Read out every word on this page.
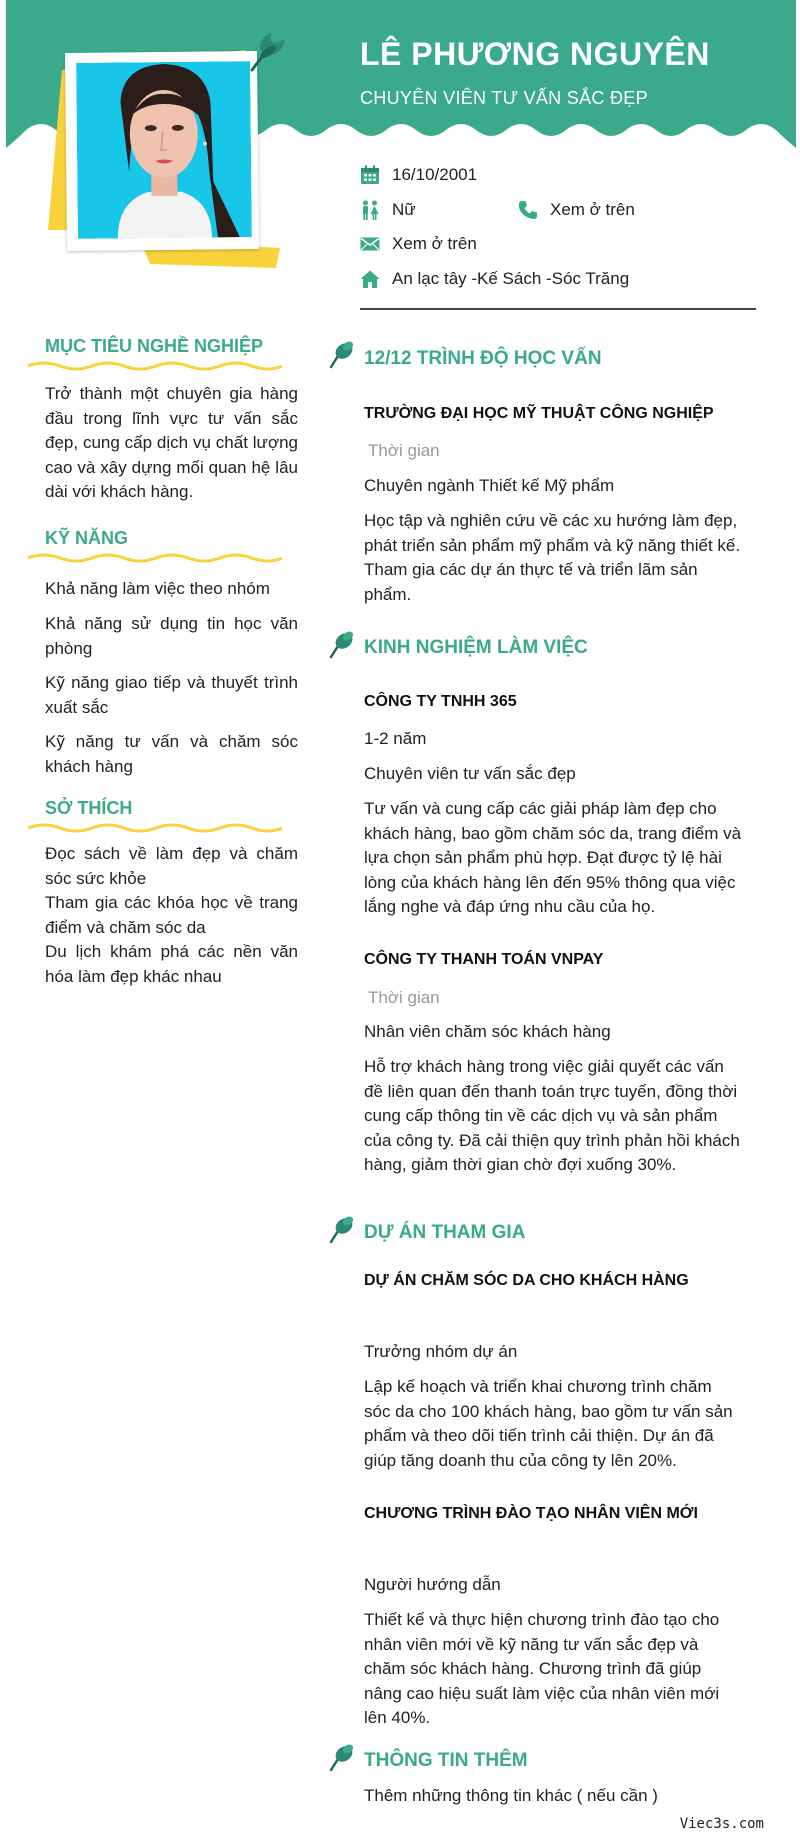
LÊ PHƯƠNG NGUYÊN
CHUYÊN VIÊN TƯ VẤN SẮC ĐẸP
16/10/2001
Nữ	Xem ở trên
Xem ở trên
An lạc tây -Kế Sách -Sóc Trăng
MỤC TIÊU NGHỀ NGHIỆP
Trở thành một chuyên gia hàng đầu trong lĩnh vực tư vấn sắc đẹp, cung cấp dịch vụ chất lượng cao và xây dựng mối quan hệ lâu dài với khách hàng.
KỸ NĂNG
Khả năng làm việc theo nhóm
Khả năng sử dụng tin học văn phòng
Kỹ năng giao tiếp và thuyết trình xuất sắc
Kỹ năng tư vấn và chăm sóc khách hàng
SỞ THÍCH
Đọc sách về làm đẹp và chăm sóc sức khỏe
Tham gia các khóa học về trang điểm và chăm sóc da
Du lịch khám phá các nền văn hóa làm đẹp khác nhau
12/12 TRÌNH ĐỘ HỌC VẤN
TRƯỜNG ĐẠI HỌC MỸ THUẬT CÔNG NGHIỆP
Thời gian
Chuyên ngành Thiết kế Mỹ phẩm
Học tập và nghiên cứu về các xu hướng làm đẹp, phát triển sản phẩm mỹ phẩm và kỹ năng thiết kế. Tham gia các dự án thực tế và triển lãm sản phẩm.
KINH NGHIỆM LÀM VIỆC
CÔNG TY TNHH 365
1-2 năm
Chuyên viên tư vấn sắc đẹp
Tư vấn và cung cấp các giải pháp làm đẹp cho khách hàng, bao gồm chăm sóc da, trang điểm và lựa chọn sản phẩm phù hợp. Đạt được tỷ lệ hài lòng của khách hàng lên đến 95% thông qua việc lắng nghe và đáp ứng nhu cầu của họ.
CÔNG TY THANH TOÁN VNPAY
Thời gian
Nhân viên chăm sóc khách hàng
Hỗ trợ khách hàng trong việc giải quyết các vấn đề liên quan đến thanh toán trực tuyến, đồng thời cung cấp thông tin về các dịch vụ và sản phẩm của công ty. Đã cải thiện quy trình phản hồi khách hàng, giảm thời gian chờ đợi xuống 30%.
DỰ ÁN THAM GIA
DỰ ÁN CHĂM SÓC DA CHO KHÁCH HÀNG
Trưởng nhóm dự án
Lập kế hoạch và triển khai chương trình chăm sóc da cho 100 khách hàng, bao gồm tư vấn sản phẩm và theo dõi tiến trình cải thiện. Dự án đã giúp tăng doanh thu của công ty lên 20%.
CHƯƠNG TRÌNH ĐÀO TẠO NHÂN VIÊN MỚI
Người hướng dẫn
Thiết kế và thực hiện chương trình đào tạo cho nhân viên mới về kỹ năng tư vấn sắc đẹp và chăm sóc khách hàng. Chương trình đã giúp nâng cao hiệu suất làm việc của nhân viên mới lên 40%.
THÔNG TIN THÊM
Thêm những thông tin khác ( nếu cần )
Viec3s.com
